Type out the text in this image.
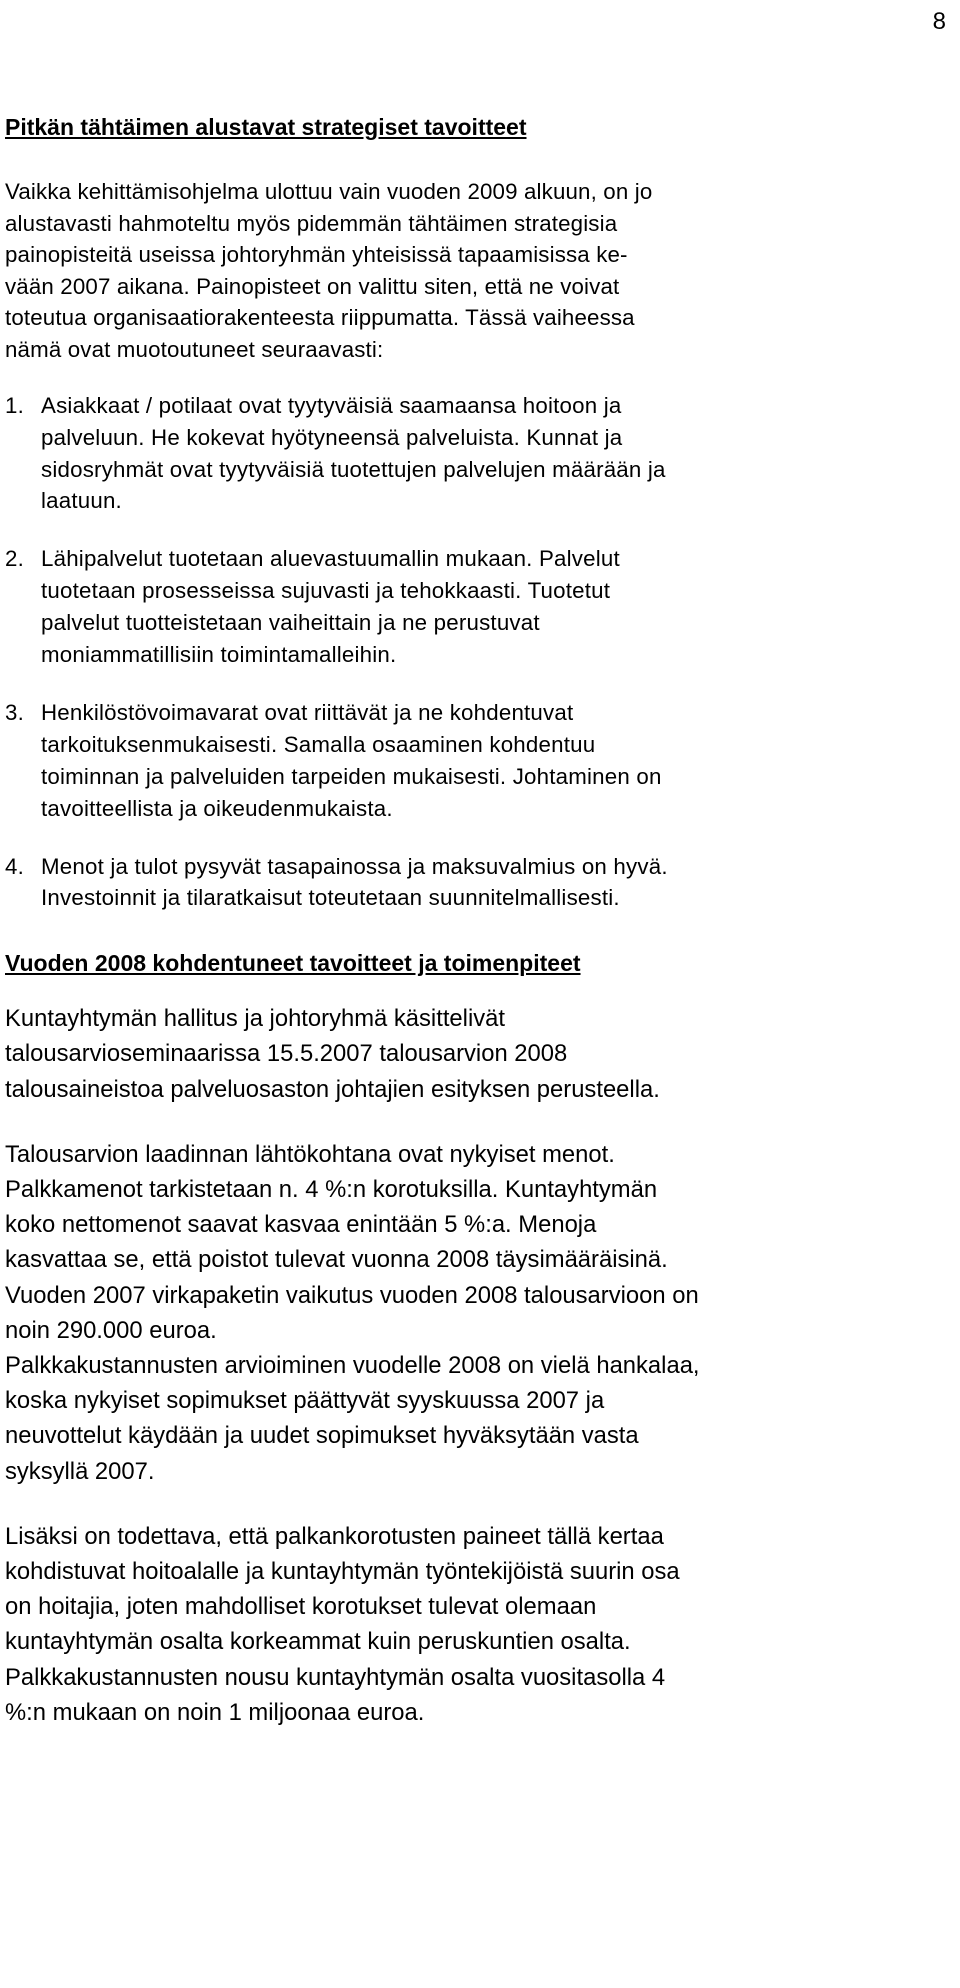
8
Pitkän tähtäimen alustavat strategiset tavoitteet

Vaikka kehittämisohjelma ulottuu vain vuoden 2009 alkuun, on jo
alustavasti hahmoteltu myös pidemmän tähtäimen strategisia
painopisteitä useissa johtoryhmän yhteisissä tapaamisissa ke-
vään 2007 aikana. Painopisteet on valittu siten, että ne voivat
toteutua organisaatiorakenteesta riippumatta. Tässä vaiheessa
nämä ovat muotoutuneet seuraavasti:

1. Asiakkaat / potilaat ovat tyytyväisiä saamaansa hoitoon ja
palveluun. He kokevat hyötyneensä palveluista. Kunnat ja
sidosryhmät ovat tyytyväisiä tuotettujen palvelujen määrään ja
laatuun.
2. Lähipalvelut tuotetaan aluevastuumallin mukaan. Palvelut
tuotetaan prosesseissa sujuvasti ja tehokkaasti. Tuotetut
palvelut tuotteistetaan vaiheittain ja ne perustuvat
moniammatillisiin toimintamalleihin.
3. Henkilöstövoimavarat ovat riittävät ja ne kohdentuvat
tarkoituksenmukaisesti. Samalla osaaminen kohdentuu
toiminnan ja palveluiden tarpeiden mukaisesti. Johtaminen on
tavoitteellista ja oikeudenmukaista.
4. Menot ja tulot pysyvät tasapainossa ja maksuvalmius on hyvä.
Investoinnit ja tilaratkaisut toteutetaan suunnitelmallisesti.
Vuoden 2008 kohdentuneet tavoitteet ja toimenpiteet

Kuntayhtymän hallitus ja johtoryhmä käsittelivät
talousarvioseminaarissa 15.5.2007 talousarvion 2008
talousaineistoa palveluosaston johtajien esityksen perusteella.

Talousarvion laadinnan lähtökohtana ovat nykyiset menot.
Palkkamenot tarkistetaan n. 4 %:n korotuksilla. Kuntayhtymän
koko nettomenot saavat kasvaa enintään 5 %:a. Menoja
kasvattaa se, että poistot tulevat vuonna 2008 täysimääräisinä.
Vuoden 2007 virkapaketin vaikutus vuoden 2008 talousarvioon on
noin 290.000 euroa.
Palkkakustannusten arvioiminen vuodelle 2008 on vielä hankalaa,
koska nykyiset sopimukset päättyvät syyskuussa 2007 ja
neuvottelut käydään ja uudet sopimukset hyväksytään vasta
syksyllä 2007.

Lisäksi on todettava, että palkankorotusten paineet tällä kertaa
kohdistuvat hoitoalalle ja kuntayhtymän työntekijöistä suurin osa
on hoitajia, joten mahdolliset korotukset tulevat olemaan
kuntayhtymän osalta korkeammat kuin peruskuntien osalta.
Palkkakustannusten nousu kuntayhtymän osalta vuositasolla 4
%:n mukaan on noin 1 miljoonaa euroa.
